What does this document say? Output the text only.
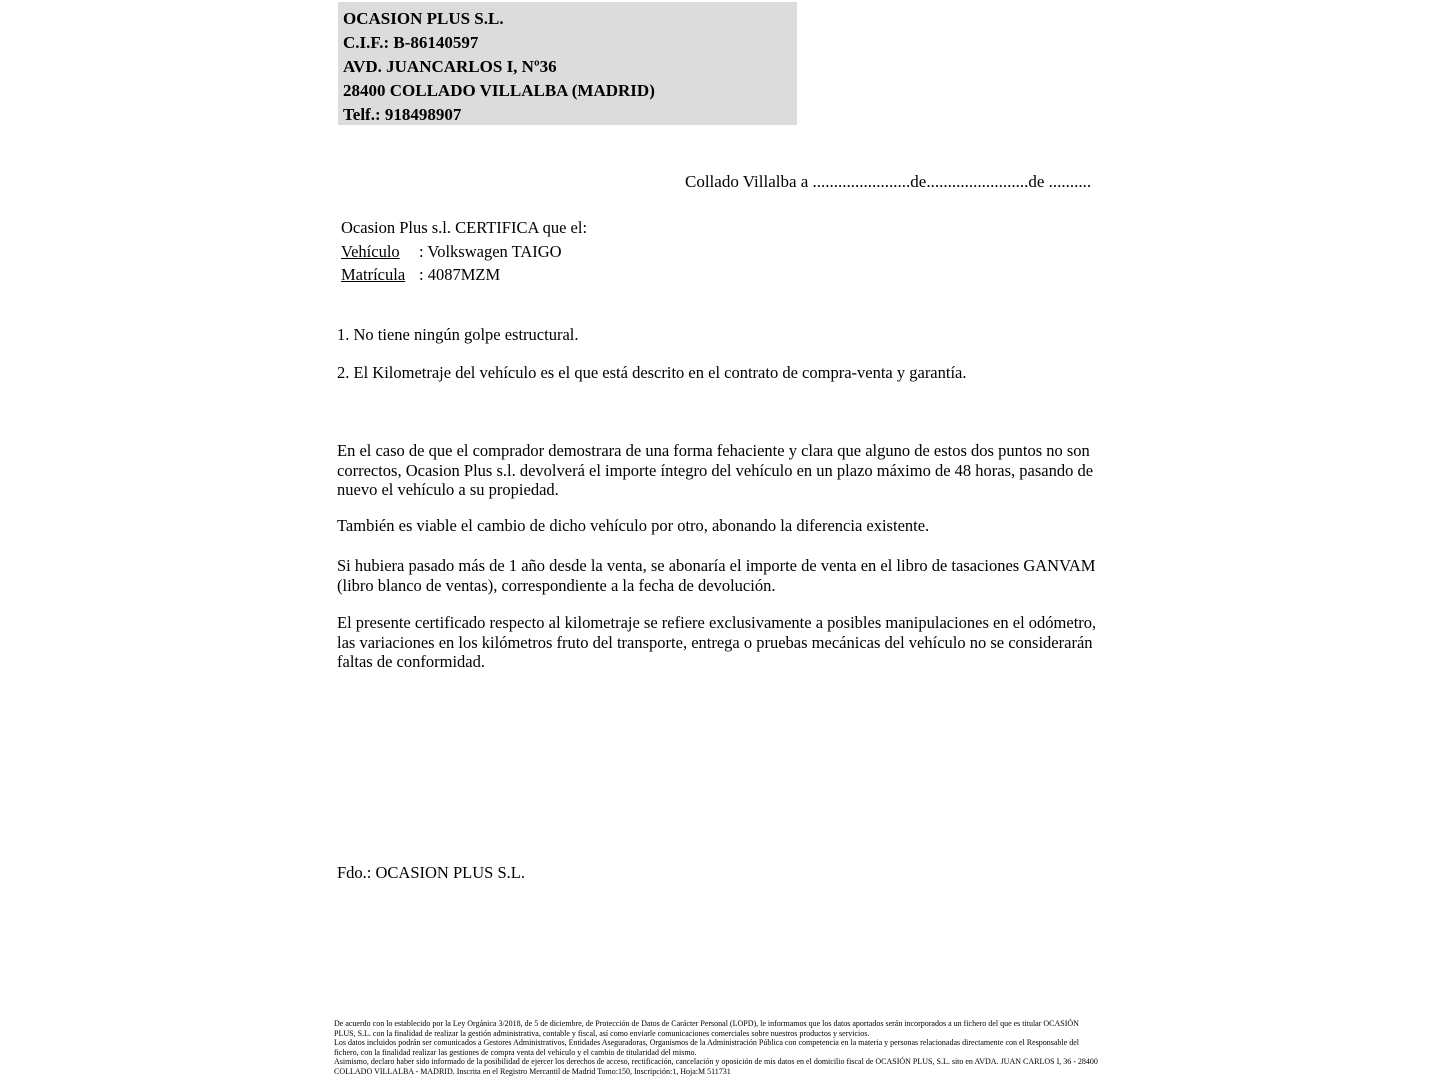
OCASION PLUS S.L.
C.I.F.: B-86140597
AVD. JUANCARLOS I, Nº36
28400 COLLADO VILLALBA (MADRID)
Telf.: 918498907
Collado Villalba a .......................de........................de ..........
Ocasion Plus s.l. CERTIFICA que el:
Vehículo	: Volkswagen TAIGO
Matrícula : 4087MZM
1. No tiene ningún golpe estructural.
2. El Kilometraje del vehículo es el que está descrito en el contrato de compra-venta y garantía.
En el caso de que el comprador demostrara de una forma fehaciente y clara que alguno de estos dos puntos no son correctos, Ocasion Plus s.l. devolverá el importe íntegro del vehículo en un plazo máximo de 48 horas, pasando de nuevo el vehículo a su propiedad.
También es viable el cambio de dicho vehículo por otro, abonando la diferencia existente.
Si hubiera pasado más de 1 año desde la venta, se abonaría el importe de venta en el libro de tasaciones GANVAM (libro blanco de ventas), correspondiente a la fecha de devolución.
El presente certificado respecto al kilometraje se refiere exclusivamente a posibles manipulaciones en el odómetro, las variaciones en los kilómetros fruto del transporte, entrega o pruebas mecánicas del vehículo no se considerarán faltas de conformidad.
Fdo.: OCASION PLUS S.L.

De acuerdo con lo establecido por la Ley Orgánica 3/2018, de 5 de diciembre, de Protección de Datos de Carácter Personal (LOPD), le informamos que los datos aportados serán incorporados a un fichero del que es titular OCASIÓN PLUS, S.L. con la finalidad de realizar la gestión administrativa, contable y fiscal, así como enviarle comunicaciones comerciales sobre nuestros productos y servicios.

Los datos incluidos podrán ser comunicados a Gestores Administrativos, Entidades Aseguradoras, Organismos de la Administración Pública con competencia en la materia y personas relacionadas directamente con el Responsable del fichero, con la finalidad realizar las gestiones de compra venta del vehículo y el cambio de titularidad del mismo.

Asimismo, declaro haber sido informado de la posibilidad de ejercer los derechos de acceso, rectificación, cancelación y oposición de mis datos en el domicilio fiscal de OCASIÓN PLUS, S.L. sito en AVDA. JUAN CARLOS I, 36 - 28400 COLLADO VILLALBA - MADRID. Inscrita en el Registro Mercantil de Madrid Tomo:150, Inscripción:1, Hoja:M 511731
